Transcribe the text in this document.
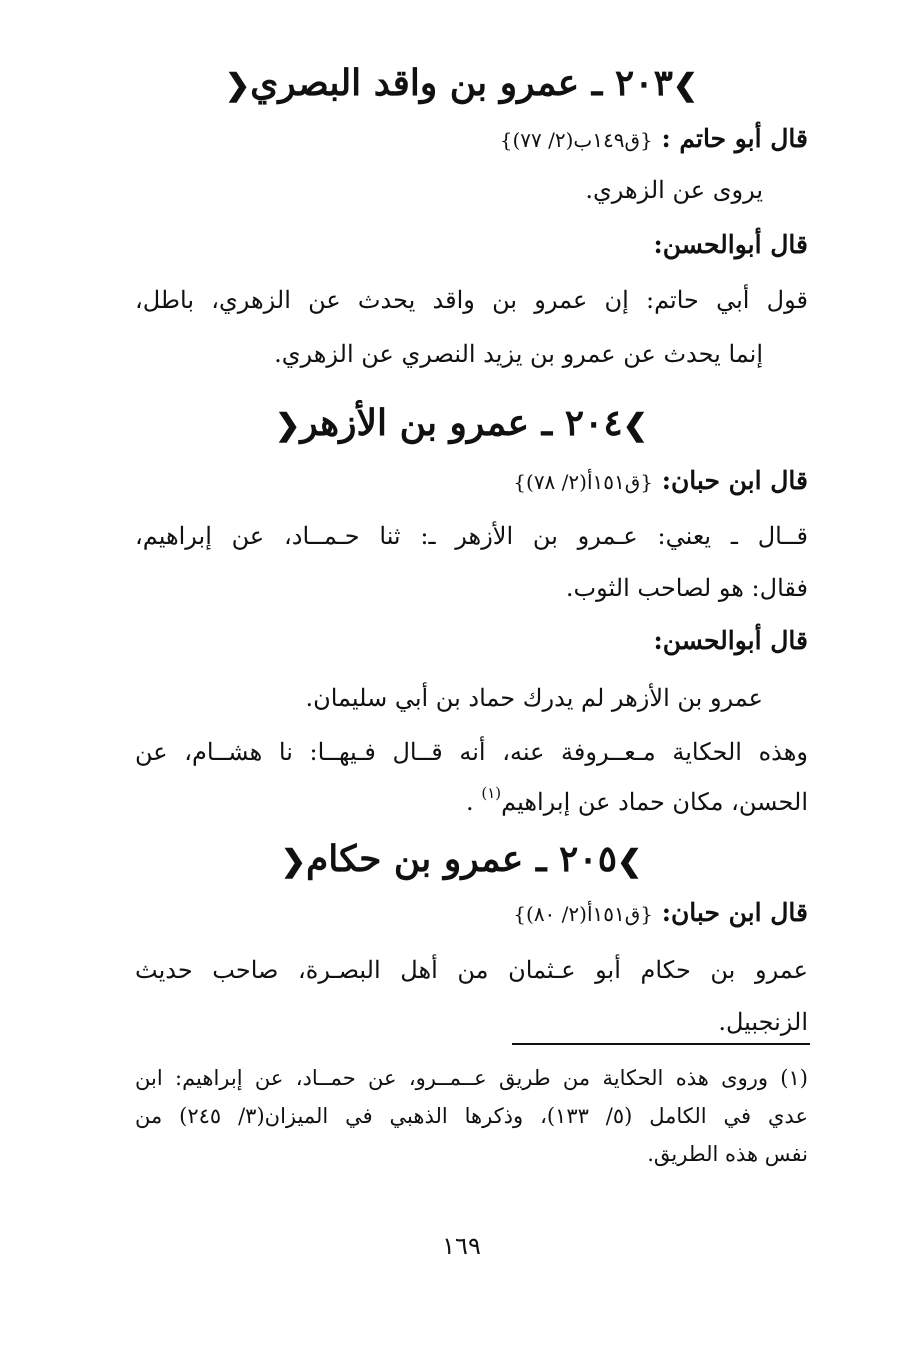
❯۲۰۳ ـ عمرو بن واقد البصري❮
قال أبو حاتم : {ق۱٤۹ب(۲/ ۷۷)}
يروى عن الزهري.
قال أبوالحسن:
قول أبي حاتم: إن عمرو بن واقد يحدث عن الزهري، باطل،
إنما يحدث عن عمرو بن يزيد النصري عن الزهري.
❯۲۰٤ ـ عمرو بن الأزهر❮
قال ابن حبان: {ق۱٥۱أ(۲/ ۷۸)}
قــال ـ يعني: عـمرو بن الأزهر ـ: ثنا حـمــاد، عن إبراهيم،
فقال: هو لصاحب الثوب.
قال أبوالحسن:
عمرو بن الأزهر لم يدرك حماد بن أبي سليمان.
وهذه الحكاية مـعــروفة عنه، أنه قــال فـيهــا: نا هشــام، عن
الحسن، مكان حماد عن إبراهيم$^{(۱)}$ .
❯۲۰٥ ـ عمرو بن حكام❮
قال ابن حبان: {ق۱٥۱أ(۲/ ۸۰)}
عمرو بن حكام أبو عـثمان من أهل البصـرة، صاحب حديث
الزنجبيل.
(۱) وروى هذه الحكاية من طريق عــمــرو، عن حمــاد، عن إبراهيم: ابن
عدي في الكامل (٥/ ۱۳۳)، وذكرها الذهبي في الميزان(۳/ ۲٤٥) من
نفس هذه الطريق.
۱٦۹
